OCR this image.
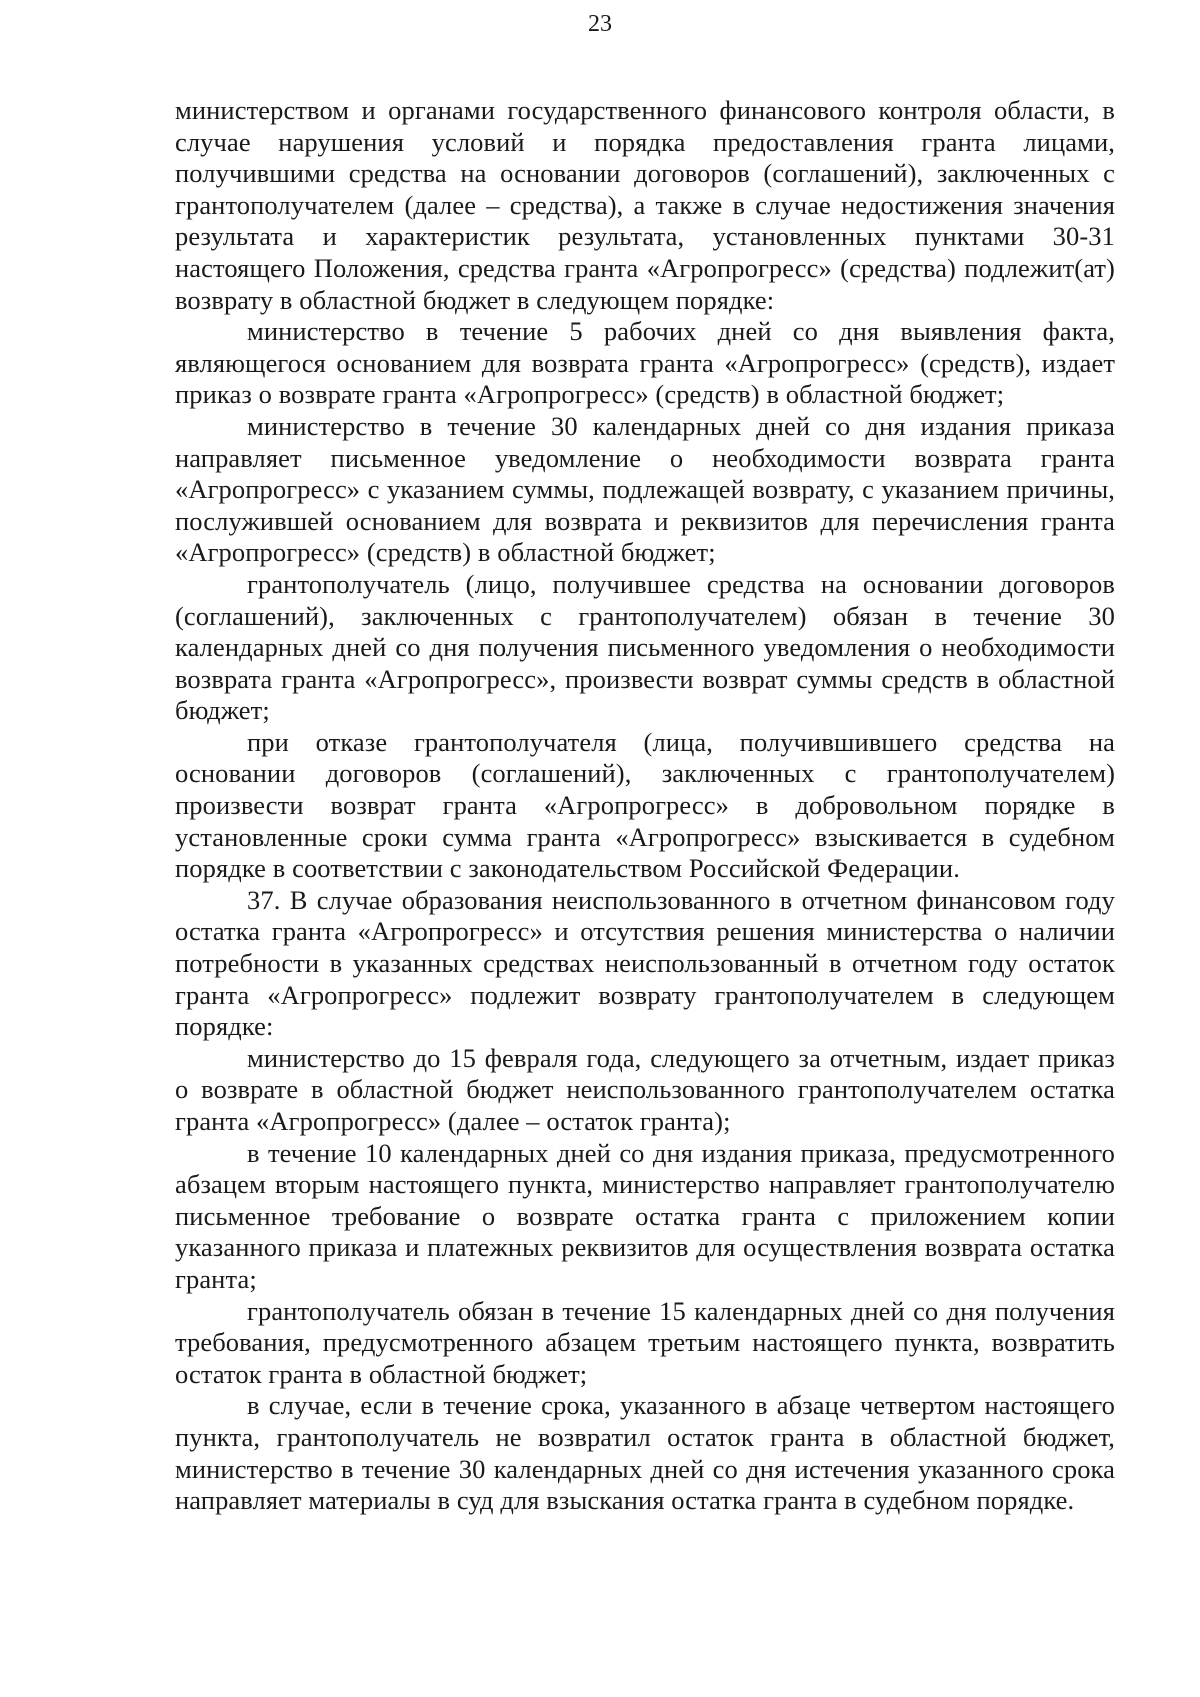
23

министерством и органами государственного финансового контроля области, в случае нарушения условий и порядка предоставления гранта лицами, получившими средства на основании договоров (соглашений), заключенных с грантополучателем (далее – средства), а также в случае недостижения значения результата и характеристик результата, установленных пунктами 30-31 настоящего Положения, средства гранта «Агропрогресс» (средства) подлежит(ат) возврату в областной бюджет в следующем порядке:

министерство в течение 5 рабочих дней со дня выявления факта, являющегося основанием для возврата гранта «Агропрогресс» (средств), издает приказ о возврате гранта «Агропрогресс» (средств) в областной бюджет;

министерство в течение 30 календарных дней со дня издания приказа направляет письменное уведомление о необходимости возврата гранта «Агропрогресс» с указанием суммы, подлежащей возврату, с указанием причины, послужившей основанием для возврата и реквизитов для перечисления гранта «Агропрогресс» (средств) в областной бюджет;

грантополучатель (лицо, получившее средства на основании договоров (соглашений), заключенных с грантополучателем) обязан в течение 30 календарных дней со дня получения письменного уведомления о необходимости возврата гранта «Агропрогресс», произвести возврат суммы средств в областной бюджет;

при отказе грантополучателя (лица, получившившего средства на основании договоров (соглашений), заключенных с грантополучателем) произвести возврат гранта «Агропрогресс» в добровольном порядке в установленные сроки сумма гранта «Агропрогресс» взыскивается в судебном порядке в соответствии с законодательством Российской Федерации.

37. В случае образования неиспользованного в отчетном финансовом году остатка гранта «Агропрогресс» и отсутствия решения министерства о наличии потребности в указанных средствах неиспользованный в отчетном году остаток гранта «Агропрогресс» подлежит возврату грантополучателем в следующем порядке:

министерство до 15 февраля года, следующего за отчетным, издает приказ о возврате в областной бюджет неиспользованного грантополучателем остатка гранта «Агропрогресс» (далее – остаток гранта);

в течение 10 календарных дней со дня издания приказа, предусмотренного абзацем вторым настоящего пункта, министерство направляет грантополучателю письменное требование о возврате остатка гранта с приложением копии указанного приказа и платежных реквизитов для осуществления возврата остатка гранта;

грантополучатель обязан в течение 15 календарных дней со дня получения требования, предусмотренного абзацем третьим настоящего пункта, возвратить остаток гранта в областной бюджет;

в случае, если в течение срока, указанного в абзаце четвертом настоящего пункта, грантополучатель не возвратил остаток гранта в областной бюджет, министерство в течение 30 календарных дней со дня истечения указанного срока направляет материалы в суд для взыскания остатка гранта в судебном порядке.
